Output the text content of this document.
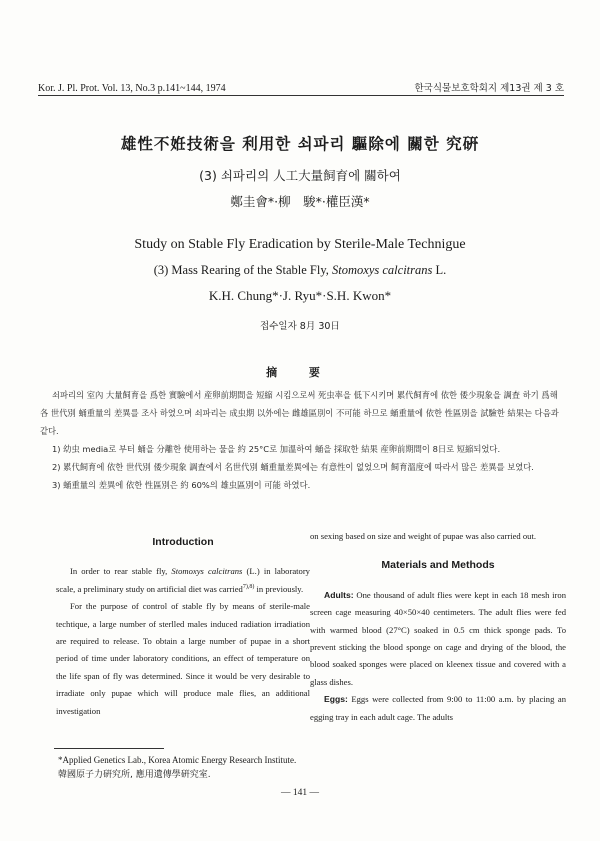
Kor. J. Pl. Prot. Vol. 13, No.3 p.141~144, 1974	한국식물보호학회지 제13권 제 3 호
雄性不姙技術을 利用한 쇠파리 驅除에 關한 究硏
(3) 쇠파리의 人工大量飼育에 關하여
鄭圭會*·柳　駿*·權臣漢*
Study on Stable Fly Eradication by Sterile-Male Technigue
(3) Mass Rearing of the Stable Fly, Stomoxys calcitrans L.
K.H. Chung*·J. Ryu*·S.H. Kwon*
접수일자 8月 30日
摘 要

쇠파리의 室內 大量飼育을 爲한 實驗에서 産卵前期間을 短縮 시킴으로써 死虫率을 低下시키며 累代飼育에 依한 倭少現象을 調査 하기 爲해 各 世代別 蛹重量의 差異를 조사 하였으며 쇠파리는 成虫期 以外에는 雌雄區別이 不可能 하므로 蛹重量에 依한 性區別을 試驗한 結果는 다음과 같다.

1) 幼虫 media로 부터 蛹을 分離한 使用하는 물을 約 25°C로 加溫하여 蛹을 採取한 結果 産卵前期間이 8日로 短縮되었다.

2) 累代飼育에 依한 世代別 倭少現象 調査에서 名世代別 蛹重量差異에는 有意性이 없었으며 飼育溫度에 따라서 많은 差異를 보였다.

3) 蛹重量의 差異에 依한 性區別은 約 60%의 雄虫區別이 可能 하였다.

Introduction

In order to rear stable fly, Stomoxys calcitrans (L.) in laboratory scale, a preliminary study on artificial diet was carried$^{7),8)}$ in previously.

For the purpose of control of stable fly by means of sterile-male techtique, a large number of sterlled males induced radiation irradiation are required to release. To obtain a large number of pupae in a short period of time under laboratory conditions, an effect of temperature on the life span of fly was determined. Since it would be very desirable to irradiate only pupae which will produce male flies, an additional investigation

on sexing based on size and weight of pupae was also carried out.

Materials and Methods

Adults: One thousand of adult flies were kept in each 18 mesh iron screen cage measuring 40×50×40 centimeters. The adult flies were fed with warmed blood (27°C) soaked in 0.5 cm thick sponge pads. To prevent sticking the blood sponge on cage and drying of the blood, the blood soaked sponges were placed on kleenex tissue and covered with a glass dishes.

Eggs: Eggs were collected from 9:00 to 11:00 a.m. by placing an egging tray in each adult cage. The adults

*Applied Genetics Lab., Korea Atomic Energy Research Institute.
韓國原子力硏究所, 應用遺傳學硏究室.
— 141 —
